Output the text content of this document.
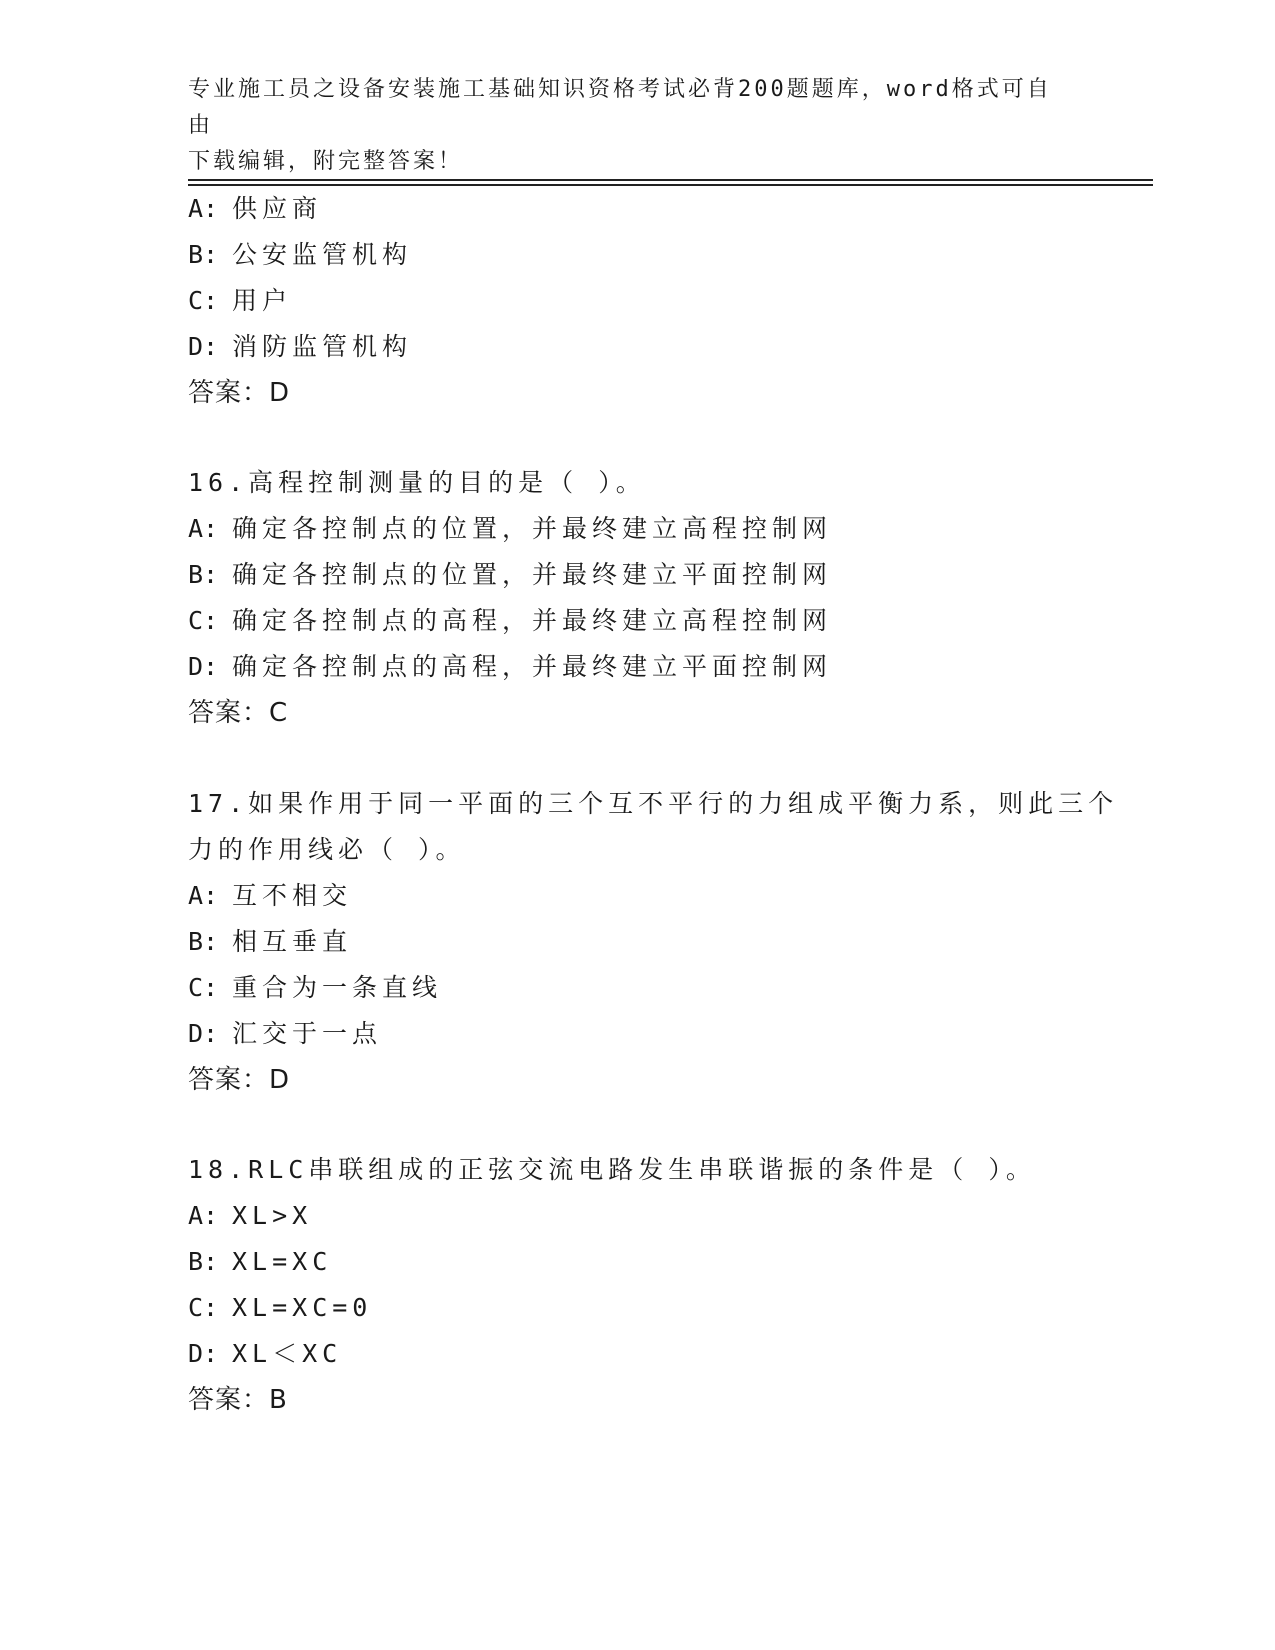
专业施工员之设备安装施工基础知识资格考试必背200题题库，word格式可自由
下载编辑，附完整答案！
A: 供应商
B: 公安监管机构
C: 用户
D: 消防监管机构
答案：D
16.高程控制测量的目的是（ ）。
A: 确定各控制点的位置，并最终建立高程控制网
B: 确定各控制点的位置，并最终建立平面控制网
C: 确定各控制点的高程，并最终建立高程控制网
D: 确定各控制点的高程，并最终建立平面控制网
答案：C
17.如果作用于同一平面的三个互不平行的力组成平衡力系，则此三个
力的作用线必（ ）。
A: 互不相交
B: 相互垂直
C: 重合为一条直线
D: 汇交于一点
答案：D
18.RLC串联组成的正弦交流电路发生串联谐振的条件是（ ）。
A: XL>X
B: XL=XC
C: XL=XC=0
D: XL＜XC
答案：B
